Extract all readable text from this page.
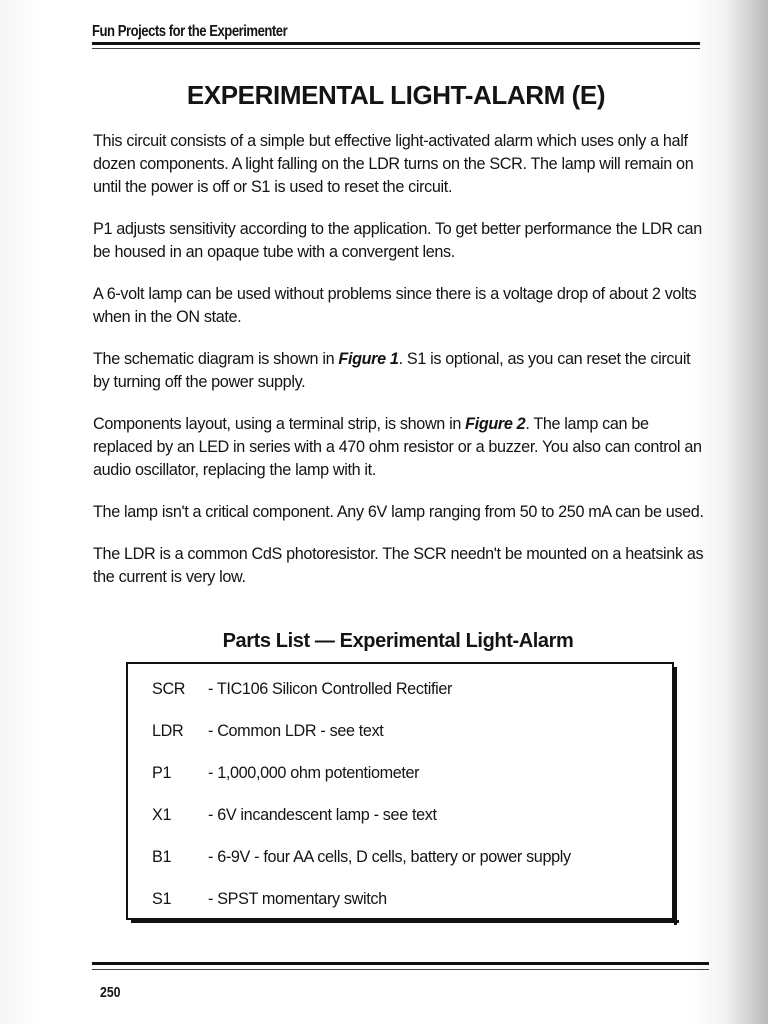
Fun Projects for the Experimenter
EXPERIMENTAL LIGHT-ALARM (E)

This circuit consists of a simple but effective light-activated alarm which uses only a half dozen components. A light falling on the LDR turns on the SCR. The lamp will remain on until the power is off or S1 is used to reset the circuit.

P1 adjusts sensitivity according to the application. To get better performance the LDR can be housed in an opaque tube with a convergent lens.

A 6-volt lamp can be used without problems since there is a voltage drop of about 2 volts when in the ON state.

The schematic diagram is shown in Figure 1. S1 is optional, as you can reset the circuit by turning off the power supply.

Components layout, using a terminal strip, is shown in Figure 2. The lamp can be replaced by an LED in series with a 470 ohm resistor or a buzzer. You also can control an audio oscillator, replacing the lamp with it.

The lamp isn't a critical component. Any 6V lamp ranging from 50 to 250 mA can be used.

The LDR is a common CdS photoresistor. The SCR needn't be mounted on a heatsink as the current is very low.

Parts List — Experimental Light-Alarm
SCR - TIC106 Silicon Controlled Rectifier
LDR - Common LDR - see text
P1 - 1,000,000 ohm potentiometer
X1 - 6V incandescent lamp - see text
B1 - 6-9V - four AA cells, D cells, battery or power supply
S1 - SPST momentary switch
250
